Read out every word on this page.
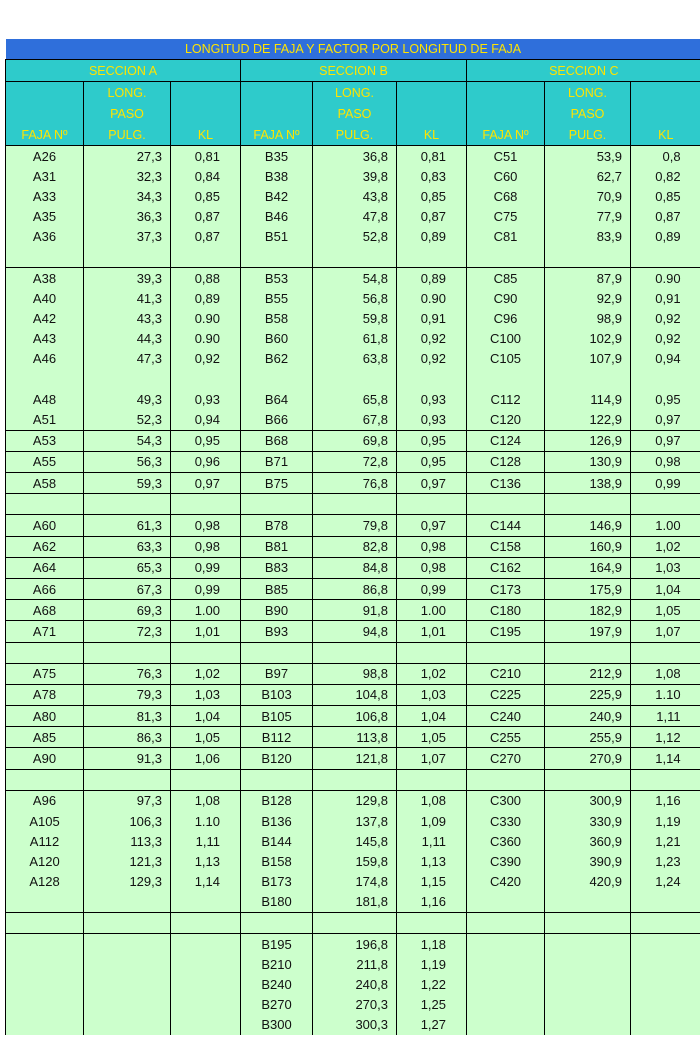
LONGITUD DE FAJA Y FACTOR POR LONGITUD DE FAJA								
SECCION A			SECCION B			SECCION C		
	LONG.			LONG.			LONG.	
	PASO			PASO			PASO	
FAJA Nº	PULG.	KL	FAJA Nº	PULG.	KL	FAJA Nº	PULG.	KL
A26	27,3	0,81	B35	36,8	0,81	C51	53,9	0,8
A31	32,3	0,84	B38	39,8	0,83	C60	62,7	0,82
A33	34,3	0,85	B42	43,8	0,85	C68	70,9	0,85
A35	36,3	0,87	B46	47,8	0,87	C75	77,9	0,87
A36	37,3	0,87	B51	52,8	0,89	C81	83,9	0,89

A38	39,3	0,88	B53	54,8	0,89	C85	87,9	0.90
A40	41,3	0,89	B55	56,8	0.90	C90	92,9	0,91
A42	43,3	0.90	B58	59,8	0,91	C96	98,9	0,92
A43	44,3	0.90	B60	61,8	0,92	C100	102,9	0,92
A46	47,3	0,92	B62	63,8	0,92	C105	107,9	0,94

A48	49,3	0,93	B64	65,8	0,93	C112	114,9	0,95
A51	52,3	0,94	B66	67,8	0,93	C120	122,9	0,97
A53	54,3	0,95	B68	69,8	0,95	C124	126,9	0,97
A55	56,3	0,96	B71	72,8	0,95	C128	130,9	0,98
A58	59,3	0,97	B75	76,8	0,97	C136	138,9	0,99

A60	61,3	0,98	B78	79,8	0,97	C144	146,9	1.00
A62	63,3	0,98	B81	82,8	0,98	C158	160,9	1,02
A64	65,3	0,99	B83	84,8	0,98	C162	164,9	1,03
A66	67,3	0,99	B85	86,8	0,99	C173	175,9	1,04
A68	69,3	1.00	B90	91,8	1.00	C180	182,9	1,05
A71	72,3	1,01	B93	94,8	1,01	C195	197,9	1,07

A75	76,3	1,02	B97	98,8	1,02	C210	212,9	1,08
A78	79,3	1,03	B103	104,8	1,03	C225	225,9	1.10
A80	81,3	1,04	B105	106,8	1,04	C240	240,9	1,11
A85	86,3	1,05	B112	113,8	1,05	C255	255,9	1,12
A90	91,3	1,06	B120	121,8	1,07	C270	270,9	1,14

A96	97,3	1,08	B128	129,8	1,08	C300	300,9	1,16
A105	106,3	1.10	B136	137,8	1,09	C330	330,9	1,19
A112	113,3	1,11	B144	145,8	1,11	C360	360,9	1,21
A120	121,3	1,13	B158	159,8	1,13	C390	390,9	1,23
A128	129,3	1,14	B173	174,8	1,15	C420	420,9	1,24
			B180	181,8	1,16			

			B195	196,8	1,18			
			B210	211,8	1,19			
			B240	240,8	1,22			
			B270	270,3	1,25			
			B300	300,3	1,27			
